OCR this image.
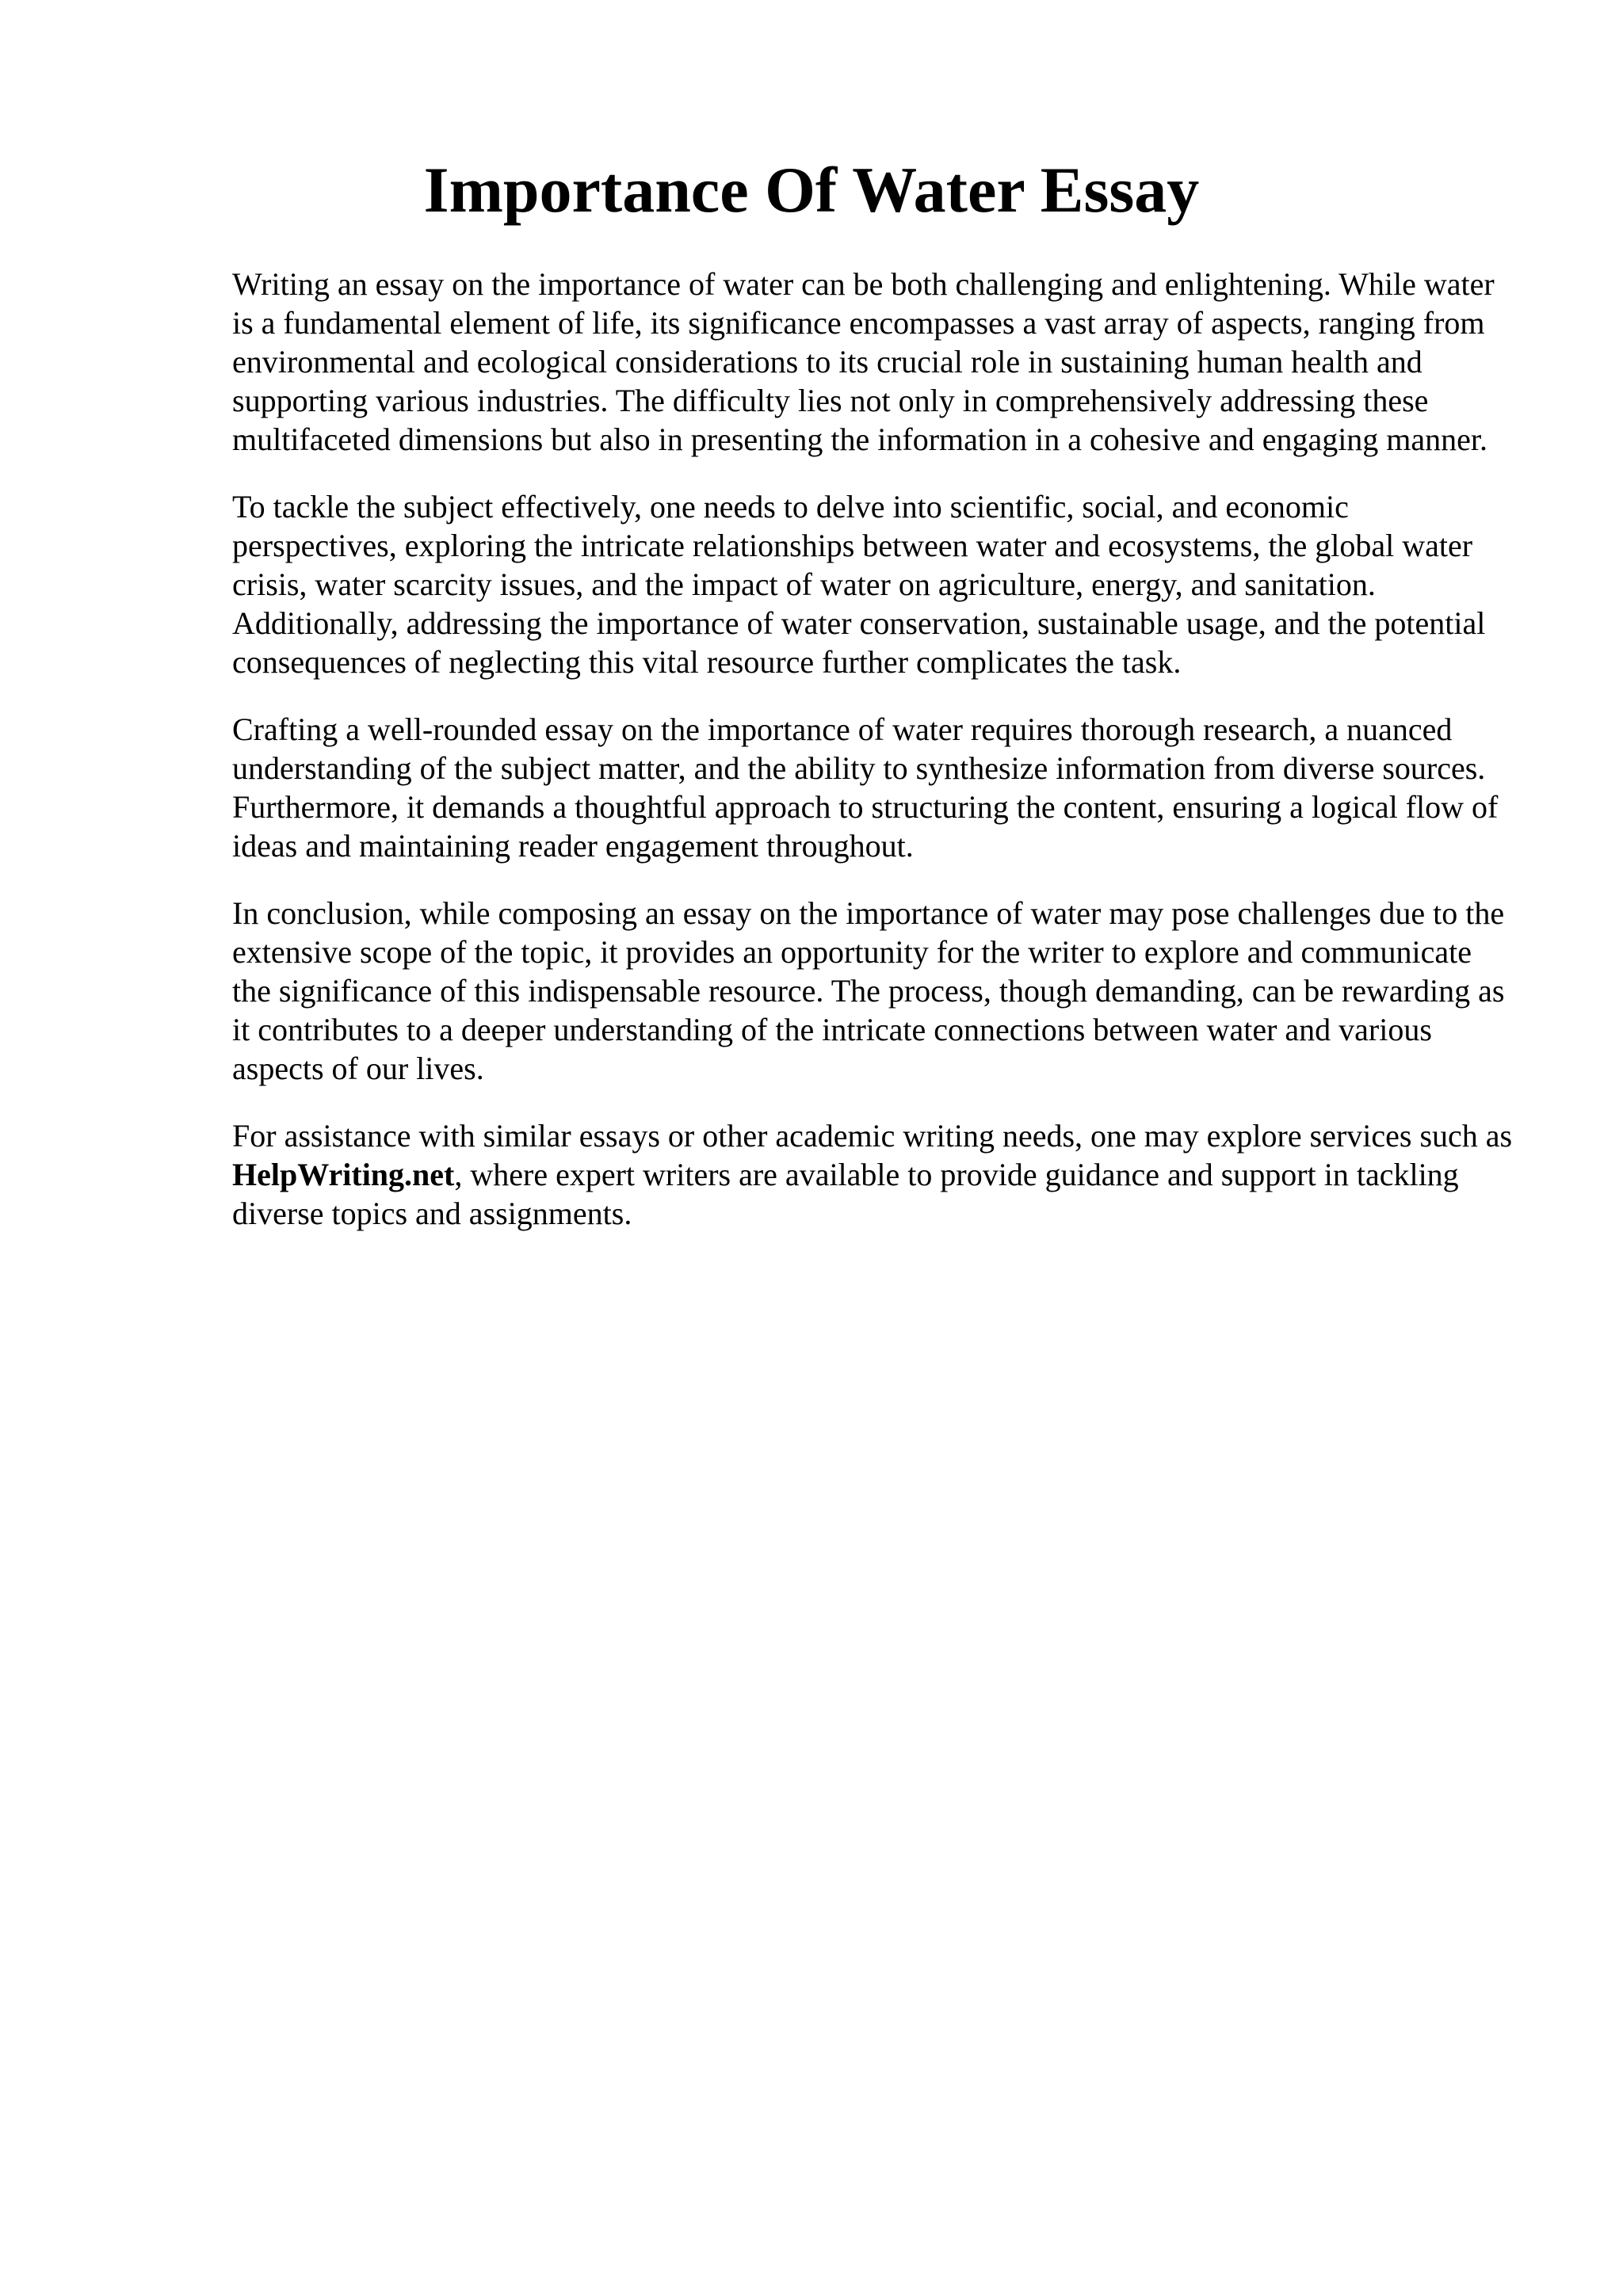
Importance Of Water Essay

Writing an essay on the importance of water can be both challenging and enlightening. While water is a fundamental element of life, its significance encompasses a vast array of aspects, ranging from environmental and ecological considerations to its crucial role in sustaining human health and supporting various industries. The difficulty lies not only in comprehensively addressing these multifaceted dimensions but also in presenting the information in a cohesive and engaging manner.

To tackle the subject effectively, one needs to delve into scientific, social, and economic perspectives, exploring the intricate relationships between water and ecosystems, the global water crisis, water scarcity issues, and the impact of water on agriculture, energy, and sanitation. Additionally, addressing the importance of water conservation, sustainable usage, and the potential consequences of neglecting this vital resource further complicates the task.

Crafting a well-rounded essay on the importance of water requires thorough research, a nuanced understanding of the subject matter, and the ability to synthesize information from diverse sources. Furthermore, it demands a thoughtful approach to structuring the content, ensuring a logical flow of ideas and maintaining reader engagement throughout.

In conclusion, while composing an essay on the importance of water may pose challenges due to the extensive scope of the topic, it provides an opportunity for the writer to explore and communicate the significance of this indispensable resource. The process, though demanding, can be rewarding as it contributes to a deeper understanding of the intricate connections between water and various aspects of our lives.

For assistance with similar essays or other academic writing needs, one may explore services such as HelpWriting.net, where expert writers are available to provide guidance and support in tackling diverse topics and assignments.
